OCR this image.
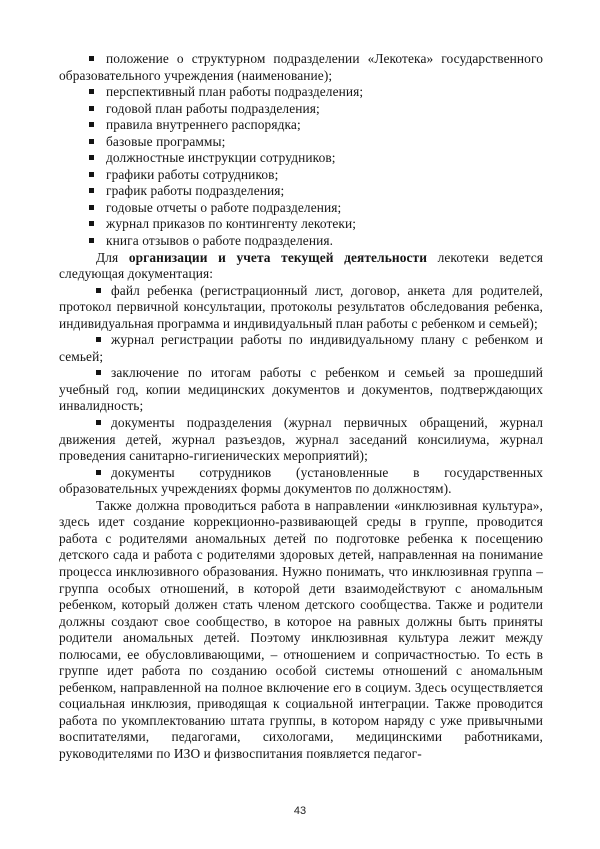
положение о структурном подразделении «Лекотека» государственного образовательного учреждения (наименование);
перспективный план работы подразделения;
годовой план работы подразделения;
правила внутреннего распорядка;
базовые программы;
должностные инструкции сотрудников;
графики работы сотрудников;
график работы подразделения;
годовые отчеты о работе подразделения;
журнал приказов по контингенту лекотеки;
книга отзывов о работе подразделения.

Для организации и учета текущей деятельности лекотеки ведется следующая документация:

файл ребенка (регистрационный лист, договор, анкета для родителей, протокол первичной консультации, протоколы результатов обследования ребенка, индивидуальная программа и индивидуальный план работы с ребенком и семьей);
журнал регистрации работы по индивидуальному плану с ребенком и семьей;
заключение по итогам работы с ребенком и семьей за прошедший учебный год, копии медицинских документов и документов, подтверждающих инвалидность;
документы подразделения (журнал первичных обращений, журнал движения детей, журнал разъездов, журнал заседаний консилиума, журнал проведения санитарно-гигиенических мероприятий);
документы сотрудников (установленные в государственных образовательных учреждениях формы документов по должностям).

Также должна проводиться работа в направлении «инклюзивная культура», здесь идет создание коррекционно-развивающей среды в группе, проводится работа с родителями аномальных детей по подготовке ребенка к посещению детского сада и работа с родителями здоровых детей, направленная на понимание процесса инклюзивного образования. Нужно понимать, что инклюзивная группа – группа особых отношений, в которой дети взаимодействуют с аномальным ребенком, который должен стать членом детского сообщества. Также и родители должны создают свое сообщество, в которое на равных должны быть приняты родители аномальных детей. Поэтому инклюзивная культура лежит между полюсами, ее обусловливающими, – отношением и сопричастностью. То есть в группе идет работа по созданию особой системы отношений с аномальным ребенком, направленной на полное включение его в социум. Здесь осуществляется социальная инклюзия, приводящая к социальной интеграции. Также проводится работа по укомплектованию штата группы, в котором наряду с уже привычными воспитателями, педагогами, сихологами, медицинскими работниками, руководителями по ИЗО и физвоспитания появляется педагог-

43
